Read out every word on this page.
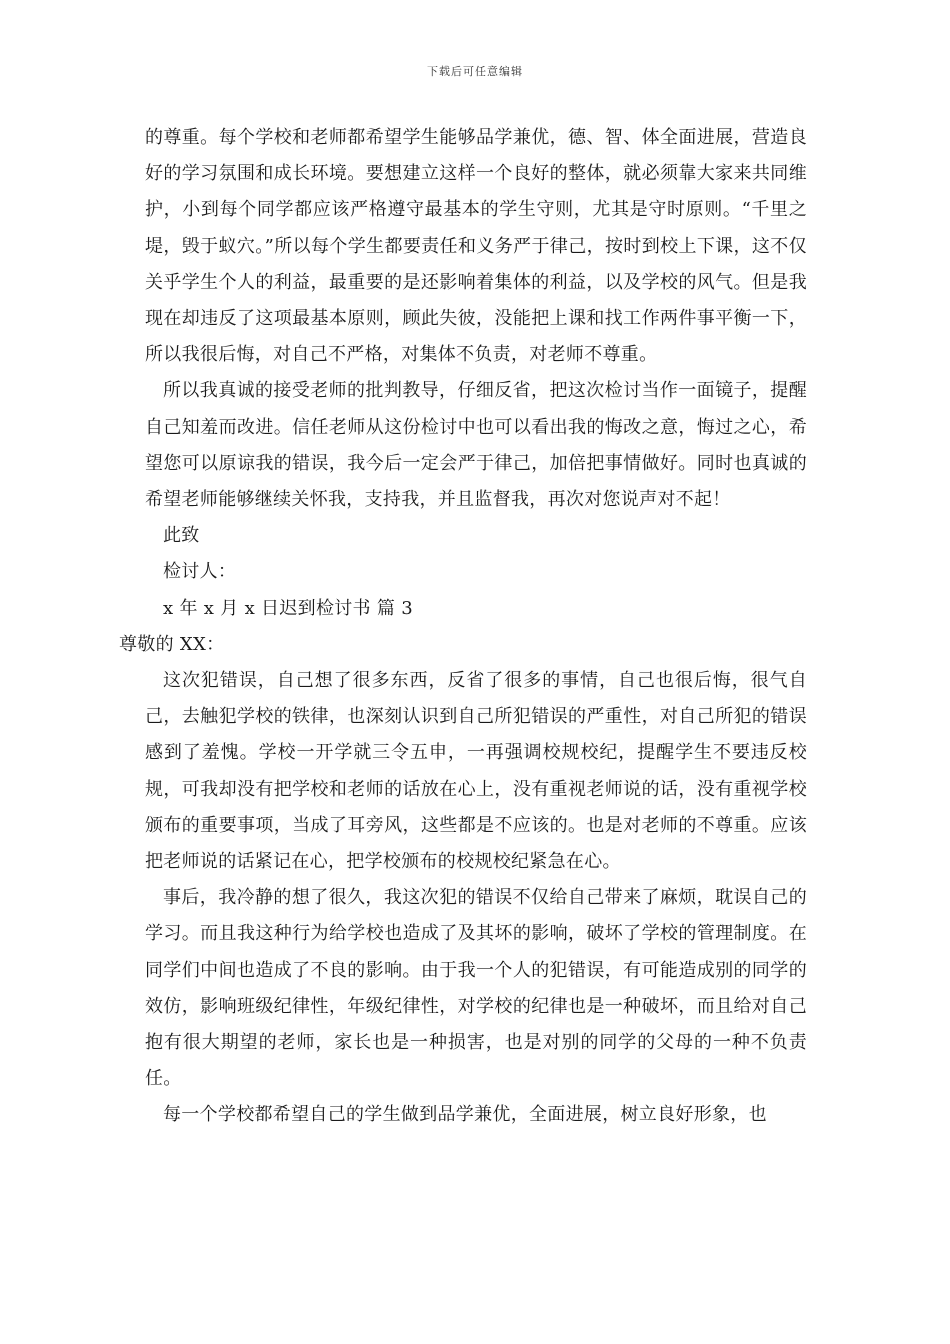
下载后可任意编辑

的尊重。每个学校和老师都希望学生能够品学兼优，德、智、体全面进展，营造良好的学习氛围和成长环境。要想建立这样一个良好的整体，就必须靠大家来共同维护，小到每个同学都应该严格遵守最基本的学生守则，尤其是守时原则。“千里之堤，毁于蚁穴。”所以每个学生都要责任和义务严于律己，按时到校上下课，这不仅关乎学生个人的利益，最重要的是还影响着集体的利益，以及学校的风气。但是我现在却违反了这项最基本原则，顾此失彼，没能把上课和找工作两件事平衡一下，所以我很后悔，对自己不严格，对集体不负责，对老师不尊重。

所以我真诚的接受老师的批判教导，仔细反省，把这次检讨当作一面镜子，提醒自己知羞而改进。信任老师从这份检讨中也可以看出我的悔改之意，悔过之心，希望您可以原谅我的错误，我今后一定会严于律己，加倍把事情做好。同时也真诚的希望老师能够继续关怀我，支持我，并且监督我，再次对您说声对不起！

此致

检讨人：

x 年 x 月 x 日迟到检讨书 篇 3

尊敬的 XX：

这次犯错误，自己想了很多东西，反省了很多的事情，自己也很后悔，很气自己，去触犯学校的铁律，也深刻认识到自己所犯错误的严重性，对自己所犯的错误感到了羞愧。学校一开学就三令五申，一再强调校规校纪，提醒学生不要违反校规，可我却没有把学校和老师的话放在心上，没有重视老师说的话，没有重视学校颁布的重要事项，当成了耳旁风，这些都是不应该的。也是对老师的不尊重。应该把老师说的话紧记在心，把学校颁布的校规校纪紧急在心。

事后，我冷静的想了很久，我这次犯的错误不仅给自己带来了麻烦，耽误自己的学习。而且我这种行为给学校也造成了及其坏的影响，破坏了学校的管理制度。在同学们中间也造成了不良的影响。由于我一个人的犯错误，有可能造成别的同学的效仿，影响班级纪律性，年级纪律性，对学校的纪律也是一种破坏，而且给对自己抱有很大期望的老师，家长也是一种损害，也是对别的同学的父母的一种不负责任。

每一个学校都希望自己的学生做到品学兼优，全面进展，树立良好形象，也
